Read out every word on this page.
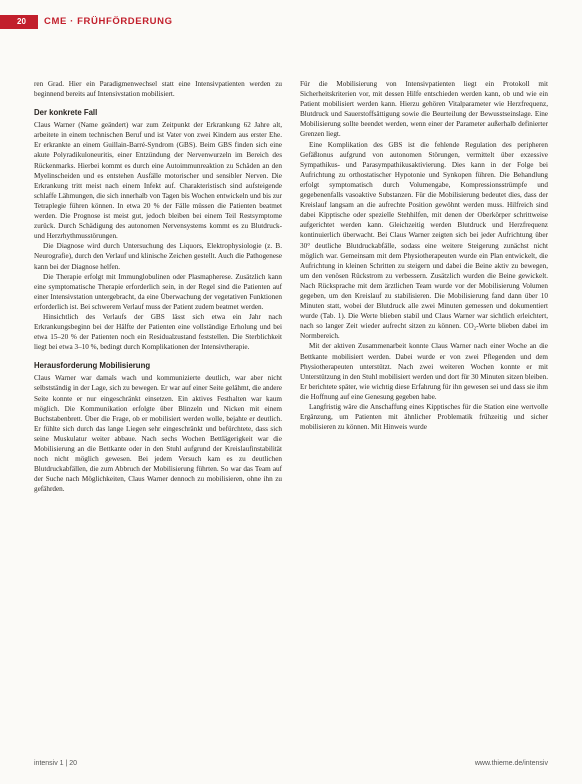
20	CME · FRÜHFÖRDERUNG

ren Grad. Hier ein Paradigmenwechsel statt eine Intensivpatienten werden zu beginnend bereits auf Intensivstation mobilisiert.

Der konkrete Fall

Claus Warner (Name geändert) war zum Zeitpunkt der Erkrankung 62 Jahre alt, arbeitete in einem technischen Beruf und ist Vater von zwei Kindern aus erster Ehe. Er erkrankte an einem Guillain-Barré-Syndrom (GBS). Beim GBS finden sich eine akute Polyradikuloneuritis, einer Entzündung der Nervenwurzeln im Bereich des Rückenmarks. Hierbei kommt es durch eine Autoimmunreaktion zu Schäden an den Myelinscheiden und es entstehen Ausfälle motorischer und sensibler Nerven. Die Erkrankung tritt meist nach einem Infekt auf. Charakteristisch sind aufsteigende schlaffe Lähmungen, die sich innerhalb von Tagen bis Wochen entwickeln und bis zur Tetraplegie führen können. In etwa 20 % der Fälle müssen die Patienten beatmet werden. Die Prognose ist meist gut, jedoch bleiben bei einem Teil Restsymptome zurück. Durch Schädigung des autonomen Nervensystems kommt es zu Blutdruck- und Herzrhythmusstörungen.

Die Diagnose wird durch Untersuchung des Liquors, Elektrophysiologie (z. B. Neurografie), durch den Verlauf und klinische Zeichen gestellt. Auch die Pathogenese kann bei der Diagnose helfen.

Die Therapie erfolgt mit Immunglobulinen oder Plasmapherese. Zusätzlich kann eine symptomatische Therapie erforderlich sein, in der Regel sind die Patienten auf einer Intensivstation untergebracht, da eine Überwachung der vegetativen Funktionen erforderlich ist. Bei schwerem Verlauf muss der Patient zudem beatmet werden.

Hinsichtlich des Verlaufs der GBS lässt sich etwa ein Jahr nach Erkrankungsbeginn bei der Hälfte der Patienten eine vollständige Erholung und bei etwa 15–20 % der Patienten noch ein Residualzustand feststellen. Die Sterblichkeit liegt bei etwa 3–10 %, bedingt durch Komplikationen der Intensivtherapie.

Herausforderung Mobilisierung

Claus Warner war damals wach und kommunizierte deutlich, war aber nicht selbstständig in der Lage, sich zu bewegen. Er war auf einer Seite gelähmt, die andere Seite konnte er nur eingeschränkt einsetzen. Ein aktives Festhalten war kaum möglich. Die Kommunikation erfolgte über Blinzeln und Nicken mit einem Buchstabenbrett. Über die Frage, ob er mobilisiert werden wolle, bejahte er deutlich. Er fühlte sich durch das lange Liegen sehr eingeschränkt und befürchtete, dass sich seine Muskulatur weiter abbaue. Nach sechs Wochen Bettlägerigkeit war die Mobilisierung an die Bettkante oder in den Stuhl aufgrund der Kreislaufinstabilität noch nicht möglich gewesen. Bei jedem Versuch kam es zu deutlichen Blutdruckabfällen, die zum Abbruch der Mobilisierung führten. So war das Team auf der Suche nach Möglichkeiten, Claus Warner dennoch zu mobilisieren, ohne ihn zu gefährden.

Für die Mobilisierung von Intensivpatienten liegt ein Protokoll mit Sicherheitskriterien vor, mit dessen Hilfe entschieden werden kann, ob und wie ein Patient mobilisiert werden kann. Hierzu gehören Vitalparameter wie Herzfrequenz, Blutdruck und Sauerstoffsättigung sowie die Beurteilung der Bewusstseinslage. Eine Mobilisierung sollte beendet werden, wenn einer der Parameter außerhalb definierter Grenzen liegt.

Eine Komplikation des GBS ist die fehlende Regulation des peripheren Gefäßtonus aufgrund von autonomen Störungen, vermittelt über exzessive Sympathikus- und Parasympathikusaktivierung. Dies kann in der Folge bei Aufrichtung zu orthostatischer Hypotonie und Synkopen führen. Die Behandlung erfolgt symptomatisch durch Volumengabe, Kompressionsstrümpfe und gegebenenfalls vasoaktive Substanzen. Für die Mobilisierung bedeutet dies, dass der Kreislauf langsam an die aufrechte Position gewöhnt werden muss. Hilfreich sind dabei Kipptische oder spezielle Stehhilfen, mit denen der Oberkörper schrittweise aufgerichtet werden kann. Gleichzeitig werden Blutdruck und Herzfrequenz kontinuierlich überwacht. Bei Claus Warner zeigten sich bei jeder Aufrichtung über 30° deutliche Blutdruckabfälle, sodass eine weitere Steigerung zunächst nicht möglich war. Gemeinsam mit dem Physiotherapeuten wurde ein Plan entwickelt, die Aufrichtung in kleinen Schritten zu steigern und dabei die Beine aktiv zu bewegen, um den venösen Rückstrom zu verbessern. Zusätzlich wurden die Beine gewickelt. Nach Rücksprache mit dem ärztlichen Team wurde vor der Mobilisierung Volumen gegeben, um den Kreislauf zu stabilisieren. Die Mobilisierung fand dann über 10 Minuten statt, wobei der Blutdruck alle zwei Minuten gemessen und dokumentiert wurde (Tab. 1). Die Werte blieben stabil und Claus Warner war sichtlich erleichtert, nach so langer Zeit wieder aufrecht sitzen zu können. CO₂-Werte blieben dabei im Normbereich.

Mit der aktiven Zusammenarbeit konnte Claus Warner nach einer Woche an die Bettkante mobilisiert werden. Dabei wurde er von zwei Pflegenden und dem Physiotherapeuten unterstützt. Nach zwei weiteren Wochen konnte er mit Unterstützung in den Stuhl mobilisiert werden und dort für 30 Minuten sitzen bleiben. Er berichtete später, wie wichtig diese Erfahrung für ihn gewesen sei und dass sie ihm die Hoffnung auf eine Genesung gegeben habe.

Langfristig wäre die Anschaffung eines Kipptisches für die Station eine wertvolle Ergänzung, um Patienten mit ähnlicher Problematik frühzeitig und sicher mobilisieren zu können. Mit Hinweis wurde

intensiv 1 | 20	www.thieme.de/intensiv
